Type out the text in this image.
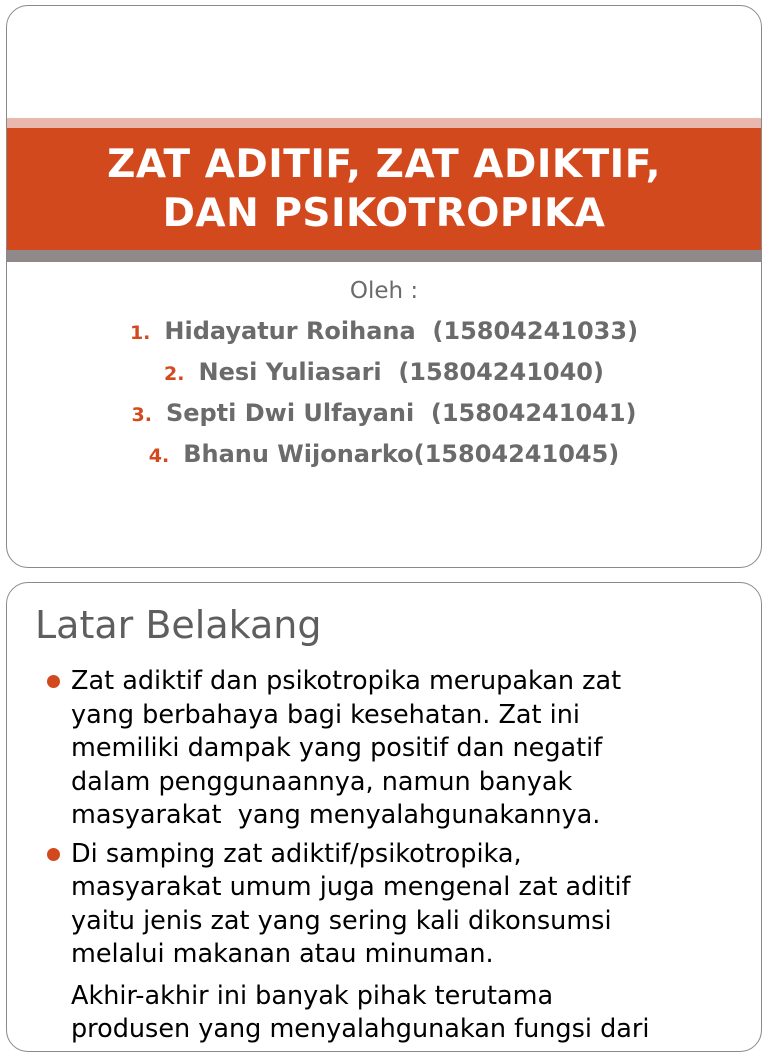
ZAT ADITIF, ZAT ADIKTIF,
DAN PSIKOTROPIKA
Oleh :
1. Hidayatur Roihana  (15804241033)
2. Nesi Yuliasari  (15804241040)
3. Septi Dwi Ulfayani  (15804241041)
4. Bhanu Wijonarko(15804241045)
Latar Belakang

Zat adiktif dan psikotropika merupakan zat
yang berbahaya bagi kesehatan. Zat ini
memiliki dampak yang positif dan negatif
dalam penggunaannya, namun banyak
masyarakat  yang menyalahgunakannya.

Di samping zat adiktif/psikotropika,
masyarakat umum juga mengenal zat aditif
yaitu jenis zat yang sering kali dikonsumsi
melalui makanan atau minuman.

Akhir-akhir ini banyak pihak terutama
produsen yang menyalahgunakan fungsi dari
